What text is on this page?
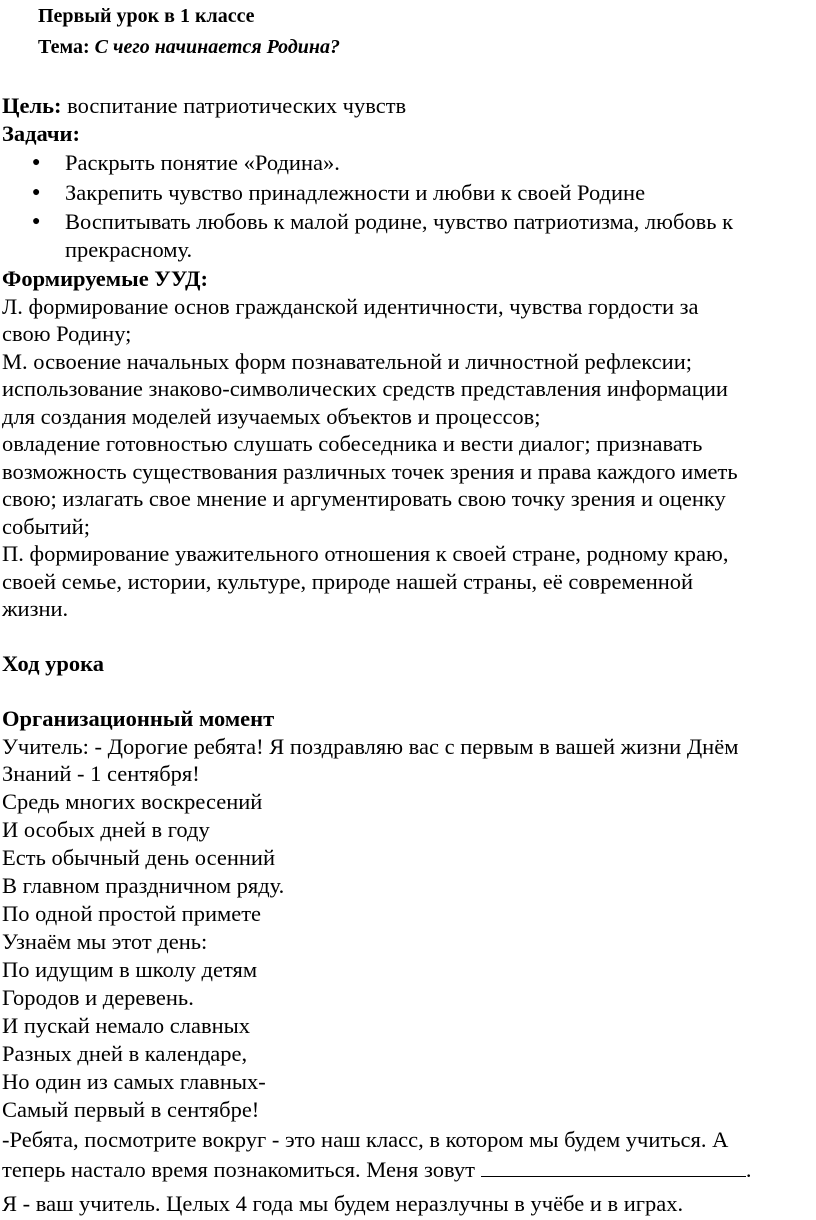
Первый урок в 1 классе
Тема: С чего начинается Родина?

Цель: воспитание патриотических чувств

Задачи:

● Раскрыть понятие «Родина».
● Закрепить чувство принадлежности и любви к своей Родине
● Воспитывать любовь к малой родине, чувство патриотизма, любовь к
прекрасному.

Формируемые УУД:

Л. формирование основ гражданской идентичности, чувства гордости за

свою Родину;

М. освоение начальных форм познавательной и личностной рефлексии;

использование знаково-символических средств представления информации

для создания моделей изучаемых объектов и процессов;

овладение готовностью слушать собеседника и вести диалог; признавать

возможность существования различных точек зрения и права каждого иметь

свою; излагать свое мнение и аргументировать свою точку зрения и оценку

событий;

П. формирование уважительного отношения к своей стране, родному краю,

своей семье, истории, культуре, природе нашей страны, её современной

жизни.

Ход урока

Организационный момент

Учитель: - Дорогие ребята! Я поздравляю вас с первым в вашей жизни Днём

Знаний - 1 сентября!

Средь многих воскресений

И особых дней в году

Есть обычный день осенний

В главном праздничном ряду.

По одной простой примете

Узнаём мы этот день:

По идущим в школу детям

Городов и деревень.

И пускай немало славных

Разных дней в календаре,

Но один из самых главных-

Самый первый в сентябре!

-Ребята, посмотрите вокруг - это наш класс, в котором мы будем учиться. А

теперь настало время познакомиться. Меня зовут	.

Я - ваш учитель. Целых 4 года мы будем неразлучны в учёбе и в играх.
